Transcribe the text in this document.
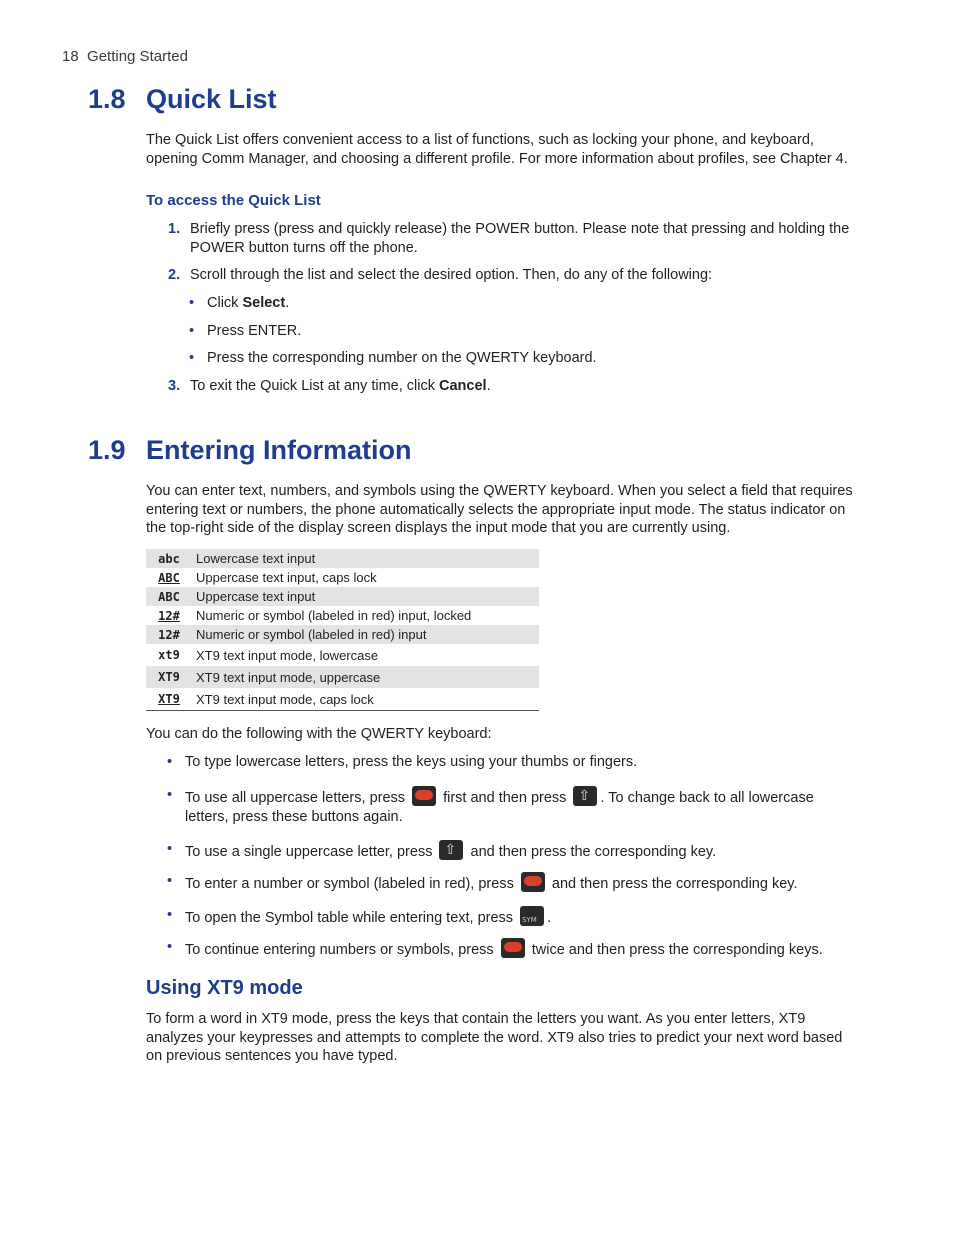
18 Getting Started
1.8 Quick List
The Quick List offers convenient access to a list of functions, such as locking your phone, and keyboard, opening Comm Manager, and choosing a different profile. For more information about profiles, see Chapter 4.
To access the Quick List
1. Briefly press (press and quickly release) the POWER button. Please note that pressing and holding the POWER button turns off the phone.
2. Scroll through the list and select the desired option. Then, do any of the following:
• Click Select.
• Press ENTER.
• Press the corresponding number on the QWERTY keyboard.
3. To exit the Quick List at any time, click Cancel.
1.9 Entering Information
You can enter text, numbers, and symbols using the QWERTY keyboard. When you select a field that requires entering text or numbers, the phone automatically selects the appropriate input mode. The status indicator on the top-right side of the display screen displays the input mode that you are currently using.
abc	Lowercase text input
ABC	Uppercase text input, caps lock
ABC	Uppercase text input
12#	Numeric or symbol (labeled in red) input, locked
12#	Numeric or symbol (labeled in red) input
xt9	XT9 text input mode, lowercase
XT9	XT9 text input mode, uppercase
XT9	XT9 text input mode, caps lock
You can do the following with the QWERTY keyboard:
• To type lowercase letters, press the keys using your thumbs or fingers.
• To use all uppercase letters, press  first and then press ⇧. To change back to all lowercase letters, press these buttons again.
• To use a single uppercase letter, press ⇧ and then press the corresponding key.
• To enter a number or symbol (labeled in red), press  and then press the corresponding key.
• To open the Symbol table while entering text, press SYM.
• To continue entering numbers or symbols, press  twice and then press the corresponding keys.
Using XT9 mode
To form a word in XT9 mode, press the keys that contain the letters you want. As you enter letters, XT9 analyzes your keypresses and attempts to complete the word. XT9 also tries to predict your next word based on previous sentences you have typed.
